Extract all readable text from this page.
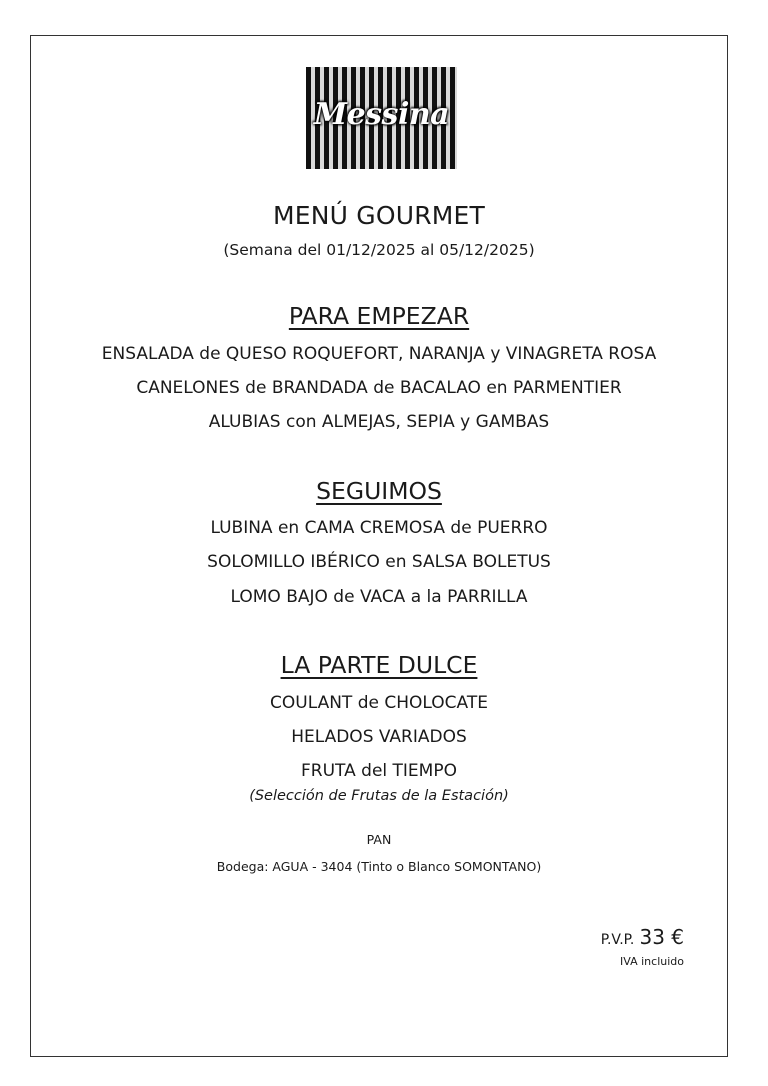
Messina
MENÚ GOURMET
(Semana del 01/12/2025 al 05/12/2025)
PARA EMPEZAR
ENSALADA de QUESO ROQUEFORT, NARANJA y VINAGRETA ROSA
CANELONES de BRANDADA de BACALAO en PARMENTIER
ALUBIAS con ALMEJAS, SEPIA y GAMBAS
SEGUIMOS
LUBINA en CAMA CREMOSA de PUERRO
SOLOMILLO IBÉRICO en SALSA BOLETUS
LOMO BAJO de VACA a la PARRILLA
LA PARTE DULCE
COULANT de CHOLOCATE
HELADOS VARIADOS
FRUTA del TIEMPO
(Selección de Frutas de la Estación)
PAN
Bodega: AGUA - 3404 (Tinto o Blanco SOMONTANO)
P.V.P. 33 €
IVA incluido
